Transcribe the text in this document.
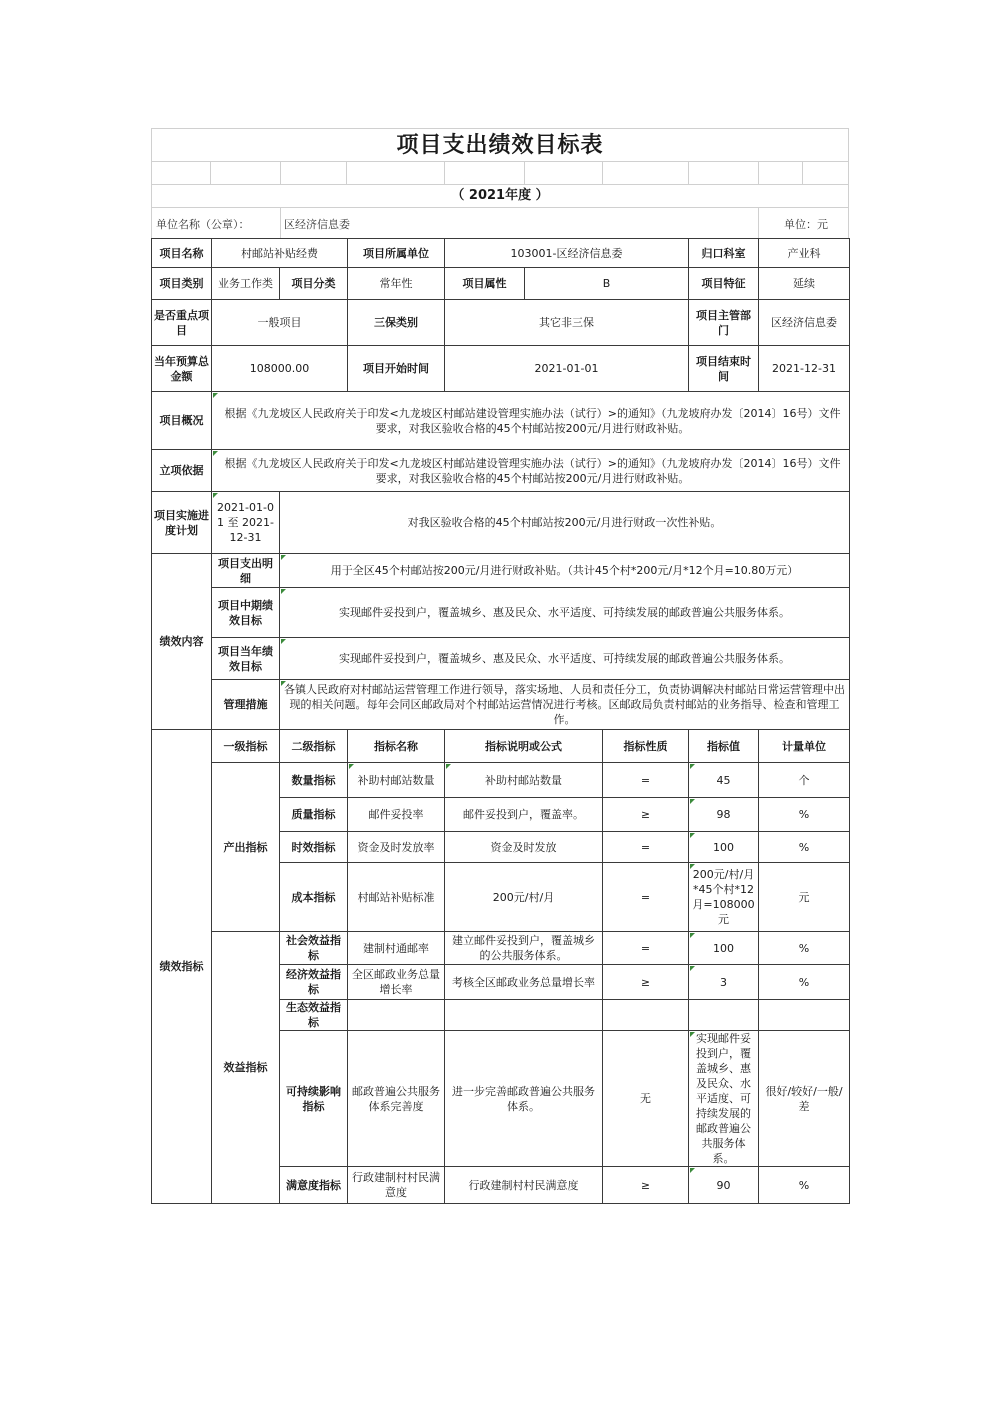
项目支出绩效目标表
（ 2021年度 ）
单位名称（公章）：	区经济信息委	单位：元
项目名称	村邮站补贴经费		项目所属单位	103001-区经济信息委			归口科室	产业科
项目类别	业务工作类	项目分类	常年性	项目属性	B		项目特征	延续
是否重点项目	一般项目		三保类别	其它非三保			项目主管部门	区经济信息委
当年预算总金额	108000.00		项目开始时间	2021-01-01			项目结束时间	2021-12-31
项目概况	根据《九龙坡区人民政府关于印发<九龙坡区村邮站建设管理实施办法（试行）>的通知》（九龙坡府办发〔2014〕16号）文件要求，对我区验收合格的45个村邮站按200元/月进行财政补贴。							
立项依据	根据《九龙坡区人民政府关于印发<九龙坡区村邮站建设管理实施办法（试行）>的通知》（九龙坡府办发〔2014〕16号）文件要求，对我区验收合格的45个村邮站按200元/月进行财政补贴。							
项目实施进度计划	2021-01-01 至 2021-12-31	对我区验收合格的45个村邮站按200元/月进行财政一次性补贴。						
绩效内容	项目支出明细	用于全区45个村邮站按200元/月进行财政补贴。（共计45个村*200元/月*12个月=10.80万元）						
	项目中期绩效目标	实现邮件妥投到户，覆盖城乡、惠及民众、水平适度、可持续发展的邮政普遍公共服务体系。						
	项目当年绩效目标	实现邮件妥投到户，覆盖城乡、惠及民众、水平适度、可持续发展的邮政普遍公共服务体系。						
	管理措施	各镇人民政府对村邮站运营管理工作进行领导，落实场地、人员和责任分工，负责协调解决村邮站日常运营管理中出现的相关问题。每年会同区邮政局对个村邮站运营情况进行考核。区邮政局负责村邮站的业务指导、检查和管理工作。						
绩效指标	一级指标	二级指标	指标名称	指标说明或公式		指标性质	指标值	计量单位
	产出指标	数量指标	补助村邮站数量	补助村邮站数量		=	45	个
		质量指标	邮件妥投率	邮件妥投到户，覆盖率。		≥	98	%
		时效指标	资金及时发放率	资金及时发放		=	100	%
		成本指标	村邮站补贴标准	200元/村/月		=	200元/村/月*45个村*12月=108000元	元
	效益指标	社会效益指标	建制村通邮率	建立邮件妥投到户，覆盖城乡的公共服务体系。		=	100	%
		经济效益指标	全区邮政业务总量增长率	考核全区邮政业务总量增长率		≥	3	%
		生态效益指标						
		可持续影响指标	邮政普遍公共服务体系完善度	进一步完善邮政普遍公共服务体系。		无	实现邮件妥投到户，覆盖城乡、惠及民众、水平适度、可持续发展的邮政普遍公共服务体系。	很好/较好/一般/差
		满意度指标	行政建制村村民满意度	行政建制村村民满意度		≥	90	%
